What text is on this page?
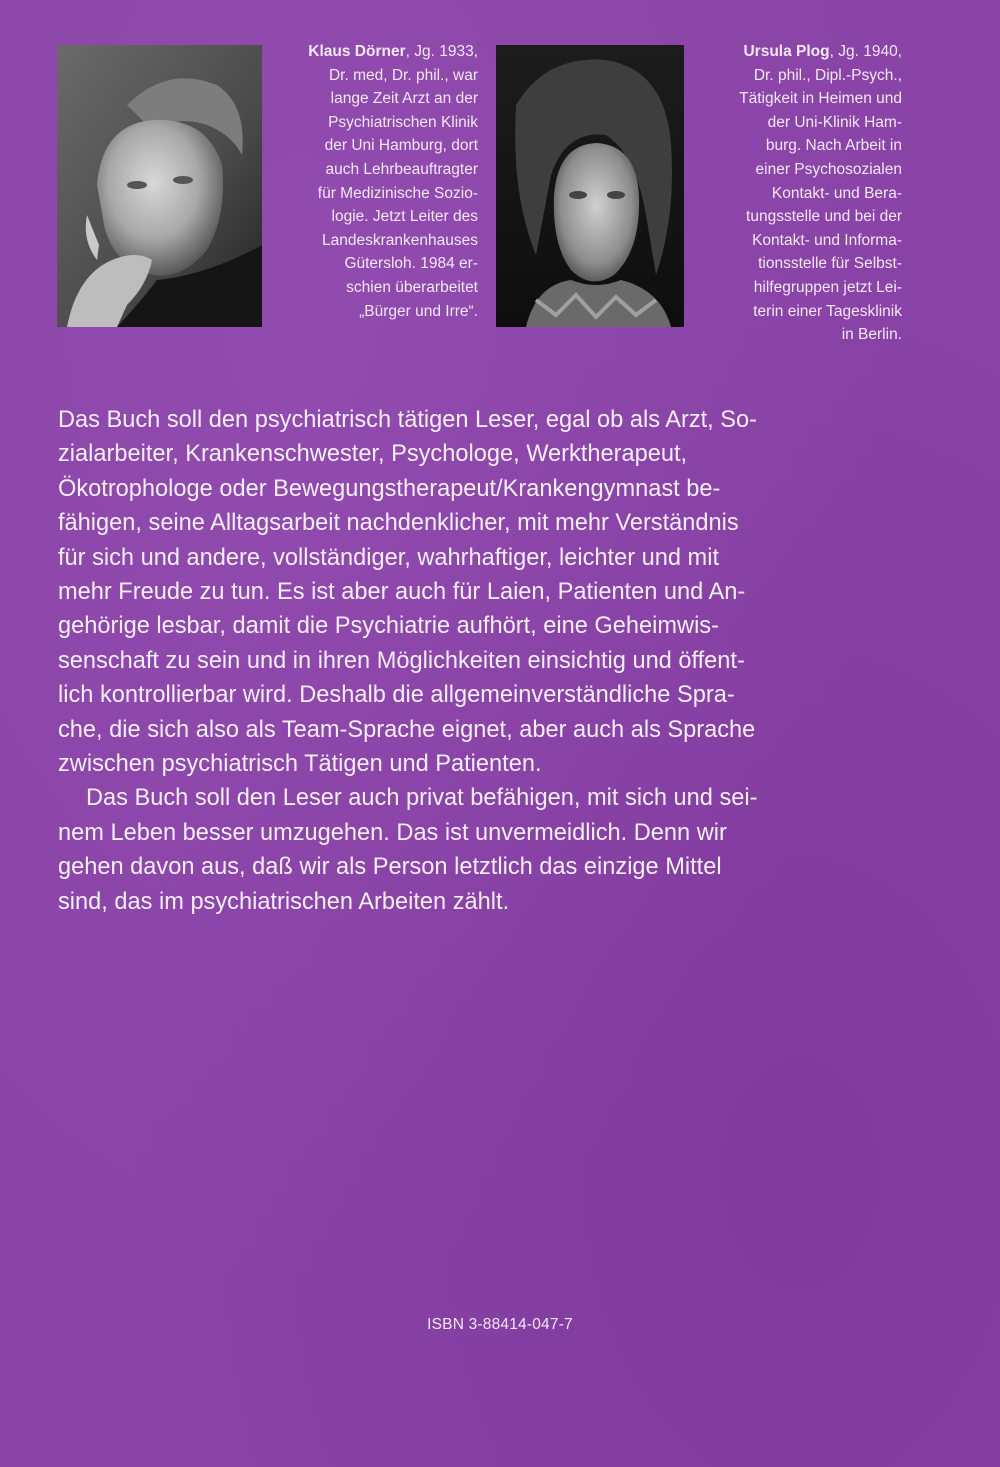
Klaus Dörner, Jg. 1933,
Dr. med, Dr. phil., war
lange Zeit Arzt an der
Psychiatrischen Klinik
der Uni Hamburg, dort
auch Lehrbeauftragter
für Medizinische Sozio-
logie. Jetzt Leiter des
Landeskrankenhauses
Gütersloh. 1984 er-
schien überarbeitet
„Bürger und Irre“.
Ursula Plog, Jg. 1940,
Dr. phil., Dipl.-Psych.,
Tätigkeit in Heimen und
der Uni-Klinik Ham-
burg. Nach Arbeit in
einer Psychosozialen
Kontakt- und Bera-
tungsstelle und bei der
Kontakt- und Informa-
tionsstelle für Selbst-
hilfegruppen jetzt Lei-
terin einer Tagesklinik
in Berlin.

Das Buch soll den psychiatrisch tätigen Leser, egal ob als Arzt, So-
zialarbeiter, Krankenschwester, Psychologe, Werktherapeut,
Ökotrophologe oder Bewegungstherapeut/Krankengymnast be-
fähigen, seine Alltagsarbeit nachdenklicher, mit mehr Verständnis
für sich und andere, vollständiger, wahrhaftiger, leichter und mit
mehr Freude zu tun. Es ist aber auch für Laien, Patienten und An-
gehörige lesbar, damit die Psychiatrie aufhört, eine Geheimwis-
senschaft zu sein und in ihren Möglichkeiten einsichtig und öffent-
lich kontrollierbar wird. Deshalb die allgemeinverständliche Spra-
che, die sich also als Team-Sprache eignet, aber auch als Sprache
zwischen psychiatrisch Tätigen und Patienten.

Das Buch soll den Leser auch privat befähigen, mit sich und sei-
nem Leben besser umzugehen. Das ist unvermeidlich. Denn wir
gehen davon aus, daß wir als Person letztlich das einzige Mittel
sind, das im psychiatrischen Arbeiten zählt.

ISBN 3-88414-047-7
